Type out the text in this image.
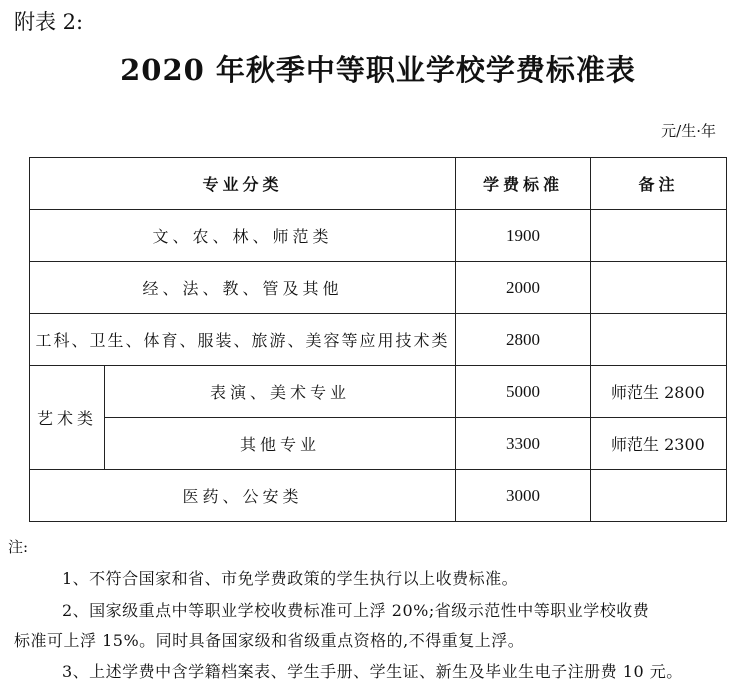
附表 2:
2020 年秋季中等职业学校学费标准表
元/生·年
专业分类		学费标准	备注
文、农、林、师范类		1900	
经、法、教、管及其他		2000	
工科、卫生、体育、服装、旅游、美容等应用技术类		2800	
艺术类	表演、美术专业	5000	师范生 2800
	其他专业	3300	师范生 2300
医药、公安类		3000	
注:
1、不符合国家和省、市免学费政策的学生执行以上收费标准。
2、国家级重点中等职业学校收费标准可上浮 20%;省级示范性中等职业学校收费
标准可上浮 15%。同时具备国家级和省级重点资格的,不得重复上浮。
3、上述学费中含学籍档案表、学生手册、学生证、新生及毕业生电子注册费 10 元。
